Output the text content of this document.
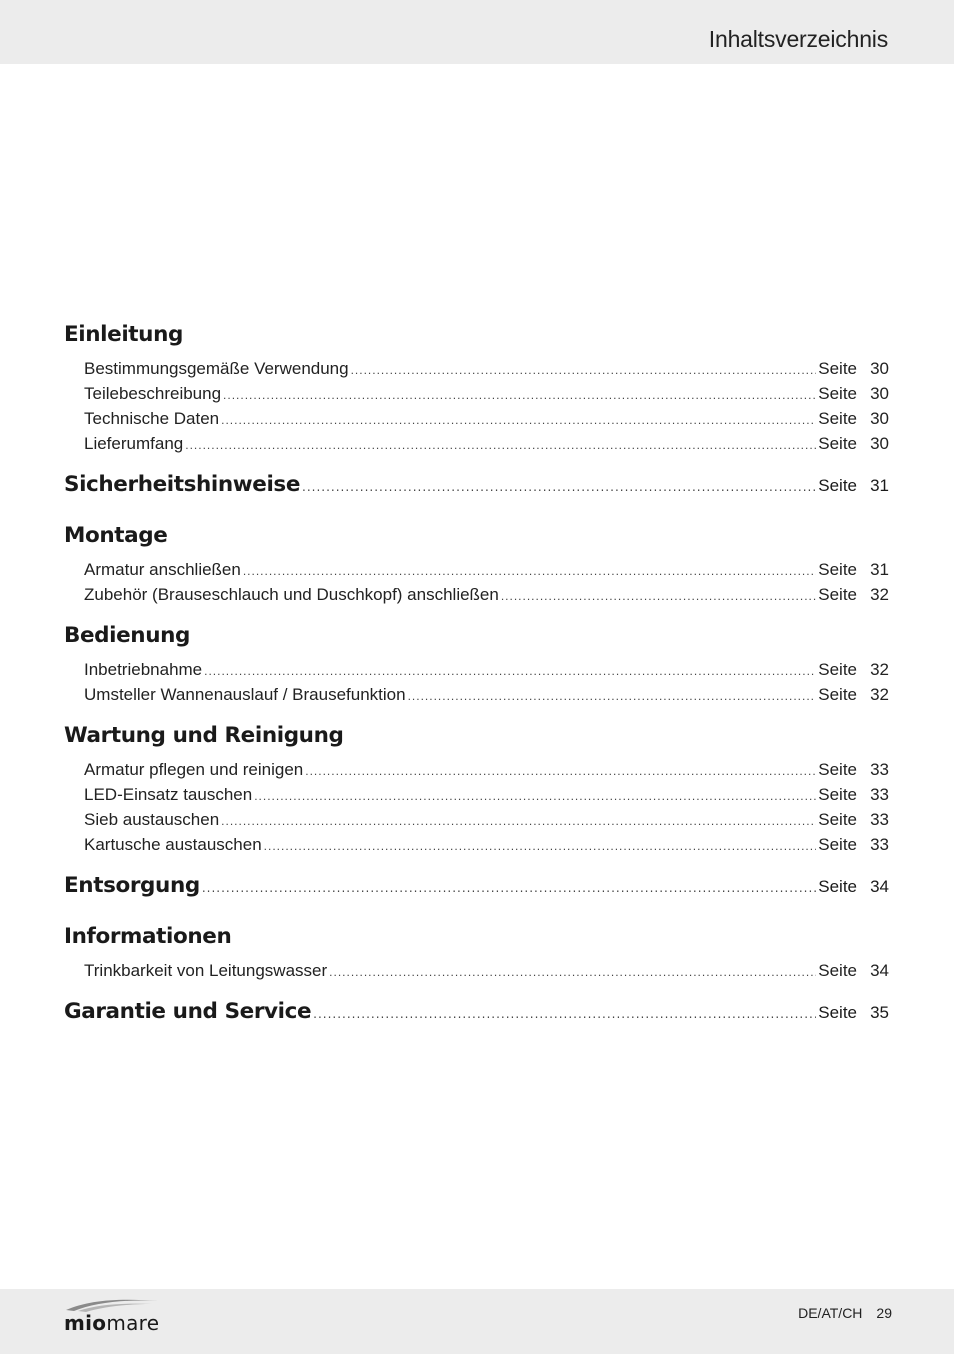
Inhaltsverzeichnis
Einleitung
Bestimmungsgemäße Verwendung .....	Seite 30
Teilebeschreibung .....	Seite 30
Technische Daten .....	Seite 30
Lieferumfang .....	Seite 30
Sicherheitshinweise .....	Seite 31
Montage
Armatur anschließen .....	Seite 31
Zubehör (Brauseschlauch und Duschkopf) anschließen .....	Seite 32
Bedienung
Inbetriebnahme .....	Seite 32
Umsteller Wannenauslauf / Brausefunktion .....	Seite 32
Wartung und Reinigung
Armatur pflegen und reinigen .....	Seite 33
LED-Einsatz tauschen .....	Seite 33
Sieb austauschen .....	Seite 33
Kartusche austauschen .....	Seite 33
Entsorgung .....	Seite 34
Informationen
Trinkbarkeit von Leitungswasser .....	Seite 34
Garantie und Service .....	Seite 35
miomare	DE/AT/CH 29
